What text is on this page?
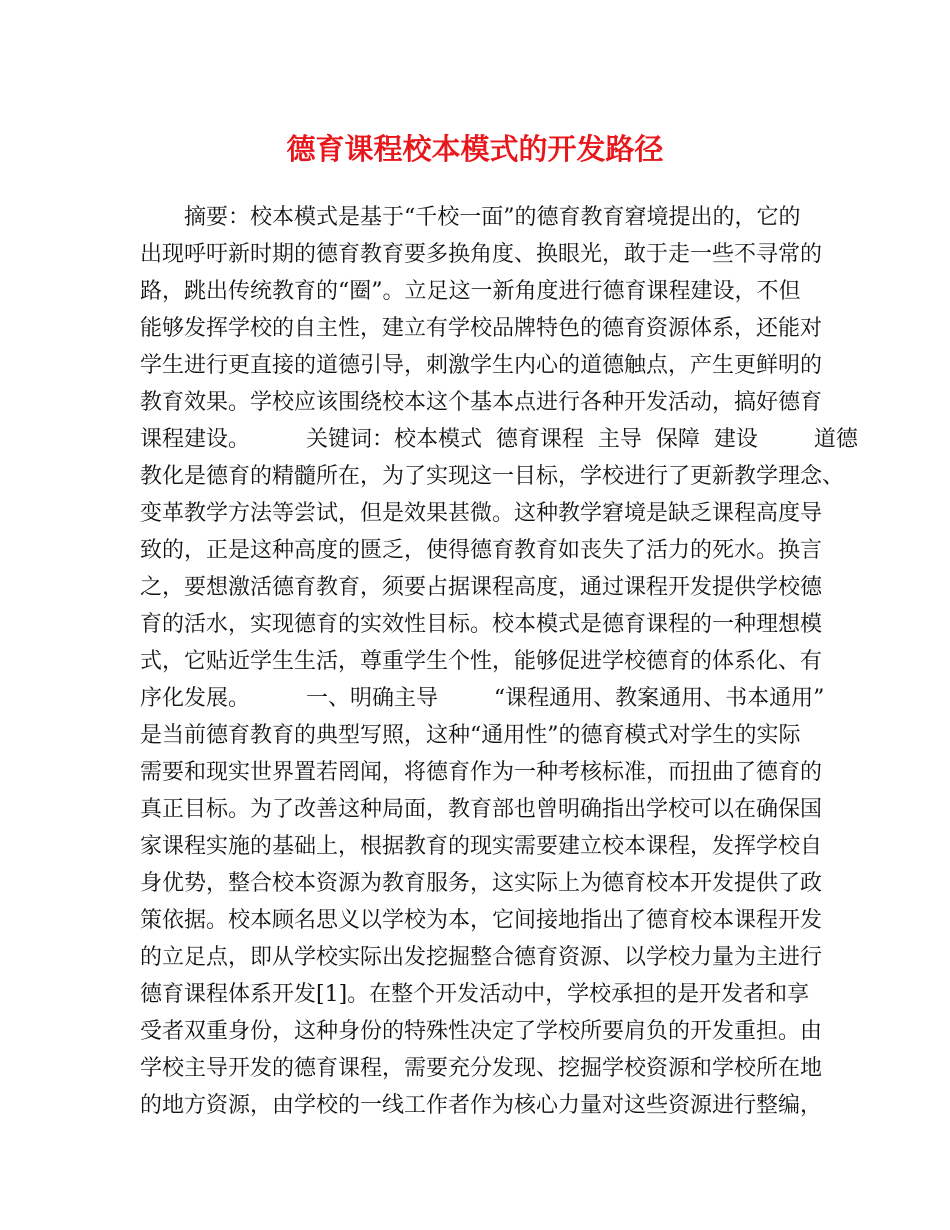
德育课程校本模式的开发路径
摘要：校本模式是基于“千校一面”的德育教育窘境提出的，它的
出现呼吁新时期的德育教育要多换角度、换眼光，敢于走一些不寻常的
路，跳出传统教育的“圈”。立足这一新角度进行德育课程建设，不但
能够发挥学校的自主性，建立有学校品牌特色的德育资源体系，还能对
学生进行更直接的道德引导，刺激学生内心的道德触点，产生更鲜明的
教育效果。学校应该围绕校本这个基本点进行各种开发活动，搞好德育
课程建设。        关键词：校本模式  德育课程  主导  保障  建设        道德
教化是德育的精髓所在，为了实现这一目标，学校进行了更新教学理念、
变革教学方法等尝试，但是效果甚微。这种教学窘境是缺乏课程高度导
致的，正是这种高度的匮乏，使得德育教育如丧失了活力的死水。换言
之，要想激活德育教育，须要占据课程高度，通过课程开发提供学校德
育的活水，实现德育的实效性目标。校本模式是德育课程的一种理想模
式，它贴近学生生活，尊重学生个性，能够促进学校德育的体系化、有
序化发展。        一、明确主导        “课程通用、教案通用、书本通用”
是当前德育教育的典型写照，这种“通用性”的德育模式对学生的实际
需要和现实世界置若罔闻，将德育作为一种考核标准，而扭曲了德育的
真正目标。为了改善这种局面，教育部也曾明确指出学校可以在确保国
家课程实施的基础上，根据教育的现实需要建立校本课程，发挥学校自
身优势，整合校本资源为教育服务，这实际上为德育校本开发提供了政
策依据。校本顾名思义以学校为本，它间接地指出了德育校本课程开发
的立足点，即从学校实际出发挖掘整合德育资源、以学校力量为主进行
德育课程体系开发[1]。在整个开发活动中，学校承担的是开发者和享
受者双重身份，这种身份的特殊性决定了学校所要肩负的开发重担。由
学校主导开发的德育课程，需要充分发现、挖掘学校资源和学校所在地
的地方资源，由学校的一线工作者作为核心力量对这些资源进行整编，
